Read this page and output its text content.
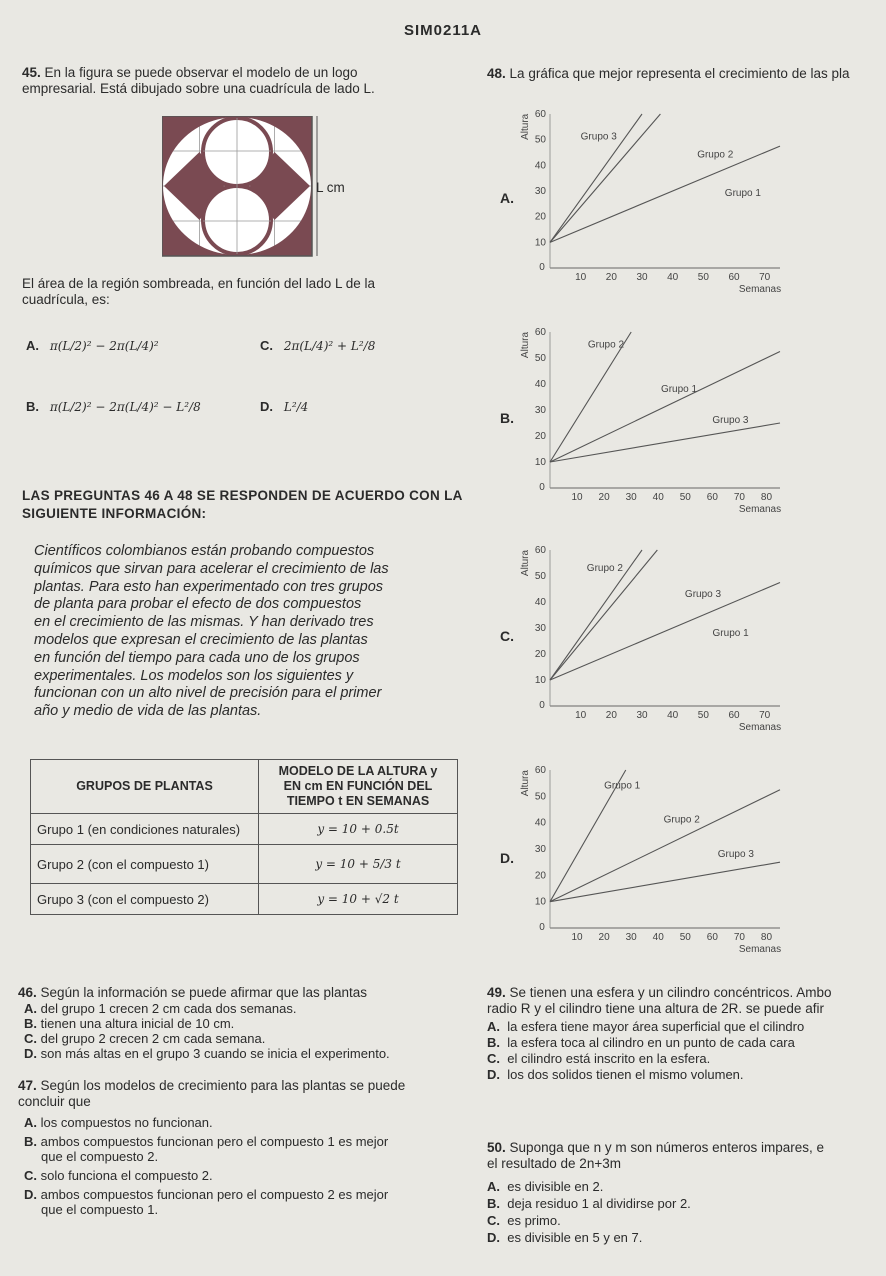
SIM0211A
45. En la figura se puede observar el modelo de un logo
empresarial. Está dibujado sobre una cuadrícula de lado L.
L cm
El área de la región sombreada, en función del lado L de la
cuadrícula, es:
A. π(L/2)² − 2π(L/4)²	C. 2π(L/4)² + L²/8
B. π(L/2)² − 2π(L/4)² − L²/8	D. L²/4
LAS PREGUNTAS 46 A 48 SE RESPONDEN DE ACUERDO CON LA
SIGUIENTE INFORMACIÓN:
Científicos colombianos están probando compuestos
químicos que sirvan para acelerar el crecimiento de las
plantas. Para esto han experimentado con tres grupos
de planta para probar el efecto de dos compuestos
en el crecimiento de las mismas. Y han derivado tres
modelos que expresan el crecimiento de las plantas
en función del tiempo para cada uno de los grupos
experimentales. Los modelos son los siguientes y
funcionan con un alto nivel de precisión para el primer
año y medio de vida de las plantas.
GRUPOS DE PLANTAS	MODELO DE LA ALTURA y
EN cm EN FUNCIÓN DEL
TIEMPO t EN SEMANAS

Grupo 1 (en condiciones naturales)	y = 10 + 0.5t
Grupo 2 (con el compuesto 1)	y = 10 + 5/3 t
Grupo 3 (con el compuesto 2)	y = 10 + √2 t
46. Según la información se puede afirmar que las plantas
A. del grupo 1 crecen 2 cm cada dos semanas.
B. tienen una altura inicial de 10 cm.
C. del grupo 2 crecen 2 cm cada semana.
D. son más altas en el grupo 3 cuando se inicia el experimento.
47. Según los modelos de crecimiento para las plantas se puede
concluir que
A. los compuestos no funcionan.
B. ambos compuestos funcionan pero el compuesto 1 es mejor
que el compuesto 2.
C. solo funciona el compuesto 2.
D. ambos compuestos funcionan pero el compuesto 2 es mejor
que el compuesto 1.
48. La gráfica que mejor representa el crecimiento de las pla
A.
B.
C.
D.
0
10 20 30 40 50 60 70
10
20
30
40
50
60
Altura
Semanas
Grupo 3
Grupo 2
Grupo 1
0
10 20 30 40 50 60 70 80
10
20
30
40
50
60
Altura
Semanas
Grupo 2
Grupo 1
Grupo 3
0
10 20 30 40 50 60 70
10
20
30
40
50
60
Altura
Semanas
Grupo 2
Grupo 3
Grupo 1
0
10 20 30 40 50 60 70 80
10
20
30
40
50
60
Altura
Semanas
Grupo 1
Grupo 2
Grupo 3
49. Se tienen una esfera y un cilindro concéntricos. Ambo
radio R y el cilindro tiene una altura de 2R. se puede afir
A. la esfera tiene mayor área superficial que el cilindro
B. la esfera toca al cilindro en un punto de cada cara
C. el cilindro está inscrito en la esfera.
D. los dos solidos tienen el mismo volumen.
50. Suponga que n y m son números enteros impares, e
el resultado de 2n+3m
A. es divisible en 2.
B. deja residuo 1 al dividirse por 2.
C. es primo.
D. es divisible en 5 y en 7.
